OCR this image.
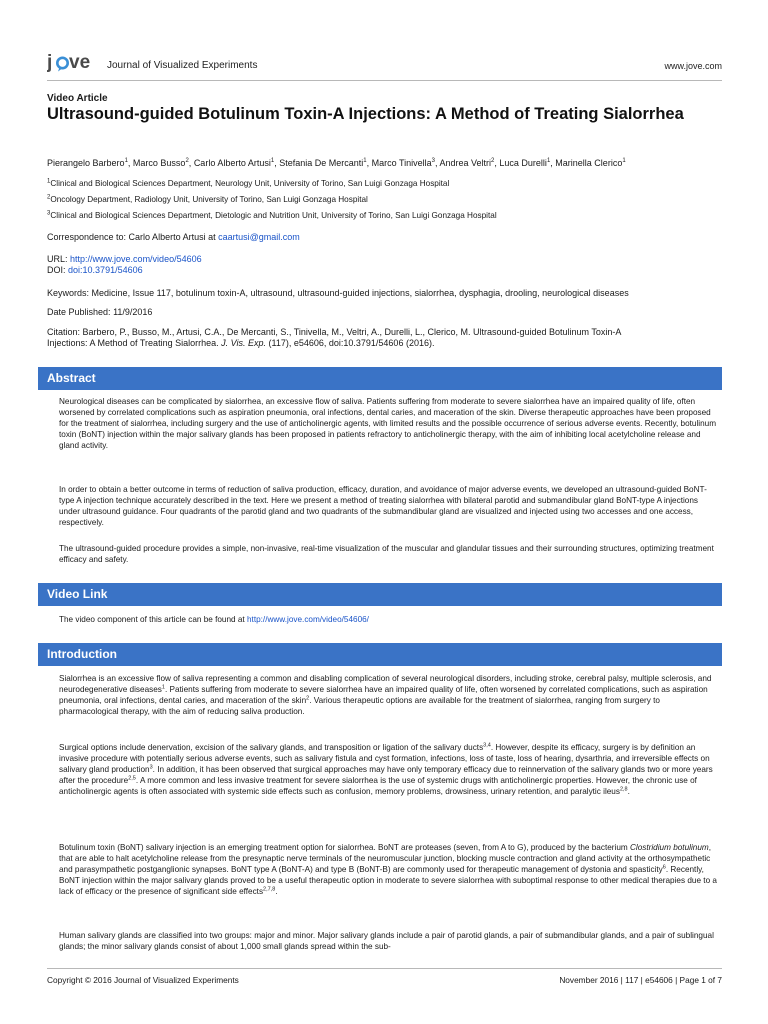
j ve Journal of Visualized Experiments	www.jove.com
Video Article
Ultrasound-guided Botulinum Toxin-A Injections: A Method of Treating Sialorrhea
Pierangelo Barbero$^1$, Marco Busso$^2$, Carlo Alberto Artusi$^1$, Stefania De Mercanti$^1$, Marco Tinivella$^3$, Andrea Veltri$^2$, Luca Durelli$^1$, Marinella Clerico$^1$
$^1$Clinical and Biological Sciences Department, Neurology Unit, University of Torino, San Luigi Gonzaga Hospital
$^2$Oncology Department, Radiology Unit, University of Torino, San Luigi Gonzaga Hospital
$^3$Clinical and Biological Sciences Department, Dietologic and Nutrition Unit, University of Torino, San Luigi Gonzaga Hospital
Correspondence to: Carlo Alberto Artusi at caartusi@gmail.com
URL: http://www.jove.com/video/54606
DOI: doi:10.3791/54606
Keywords: Medicine, Issue 117, botulinum toxin-A, ultrasound, ultrasound-guided injections, sialorrhea, dysphagia, drooling, neurological diseases
Date Published: 11/9/2016
Citation: Barbero, P., Busso, M., Artusi, C.A., De Mercanti, S., Tinivella, M., Veltri, A., Durelli, L., Clerico, M. Ultrasound-guided Botulinum Toxin-A
Injections: A Method of Treating Sialorrhea. J. Vis. Exp. (117), e54606, doi:10.3791/54606 (2016).
Abstract
Neurological diseases can be complicated by sialorrhea, an excessive flow of saliva. Patients suffering from moderate to severe sialorrhea have an impaired quality of life, often worsened by correlated complications such as aspiration pneumonia, oral infections, dental caries, and maceration of the skin. Diverse therapeutic approaches have been proposed for the treatment of sialorrhea, including surgery and the use of anticholinergic agents, with limited results and the possible occurrence of serious adverse events. Recently, botulinum toxin (BoNT) injection within the major salivary glands has been proposed in patients refractory to anticholinergic therapy, with the aim of inhibiting local acetylcholine release and gland activity.
In order to obtain a better outcome in terms of reduction of saliva production, efficacy, duration, and avoidance of major adverse events, we developed an ultrasound-guided BoNT-type A injection technique accurately described in the text. Here we present a method of treating sialorrhea with bilateral parotid and submandibular gland BoNT-type A injections under ultrasound guidance. Four quadrants of the parotid gland and two quadrants of the submandibular gland are visualized and injected using two accesses and one access, respectively.
The ultrasound-guided procedure provides a simple, non-invasive, real-time visualization of the muscular and glandular tissues and their surrounding structures, optimizing treatment efficacy and safety.
Video Link
The video component of this article can be found at http://www.jove.com/video/54606/
Introduction
Sialorrhea is an excessive flow of saliva representing a common and disabling complication of several neurological disorders, including stroke, cerebral palsy, multiple sclerosis, and neurodegenerative diseases$^1$. Patients suffering from moderate to severe sialorrhea have an impaired quality of life, often worsened by correlated complications, such as aspiration pneumonia, oral infections, dental caries, and maceration of the skin$^2$. Various therapeutic options are available for the treatment of sialorrhea, ranging from surgery to pharmacological therapy, with the aim of reducing saliva production.
Surgical options include denervation, excision of the salivary glands, and transposition or ligation of the salivary ducts$^{3,4}$. However, despite its efficacy, surgery is by definition an invasive procedure with potentially serious adverse events, such as salivary fistula and cyst formation, infections, loss of taste, loss of hearing, dysarthria, and irreversible effects on salivary gland production$^3$. In addition, it has been observed that surgical approaches may have only temporary efficacy due to reinnervation of the salivary glands two or more years after the procedure$^{2,5}$. A more common and less invasive treatment for severe sialorrhea is the use of systemic drugs with anticholinergic properties. However, the chronic use of anticholinergic agents is often associated with systemic side effects such as confusion, memory problems, drowsiness, urinary retention, and paralytic ileus$^{2,8}$.
Botulinum toxin (BoNT) salivary injection is an emerging treatment option for sialorrhea. BoNT are proteases (seven, from A to G), produced by the bacterium Clostridium botulinum, that are able to halt acetylcholine release from the presynaptic nerve terminals of the neuromuscular junction, blocking muscle contraction and gland activity at the orthosympathetic and parasympathetic postganglionic synapses. BoNT type A (BoNT-A) and type B (BoNT-B) are commonly used for therapeutic management of dystonia and spasticity$^6$. Recently, BoNT injection within the major salivary glands proved to be a useful therapeutic option in moderate to severe sialorrhea with suboptimal response to other medical therapies due to a lack of efficacy or the presence of significant side effects$^{2,7,8}$.
Human salivary glands are classified into two groups: major and minor. Major salivary glands include a pair of parotid glands, a pair of submandibular glands, and a pair of sublingual glands; the minor salivary glands consist of about 1,000 small glands spread within the sub-
Copyright © 2016 Journal of Visualized Experiments	November 2016 | 117 | e54606 | Page 1 of 7
